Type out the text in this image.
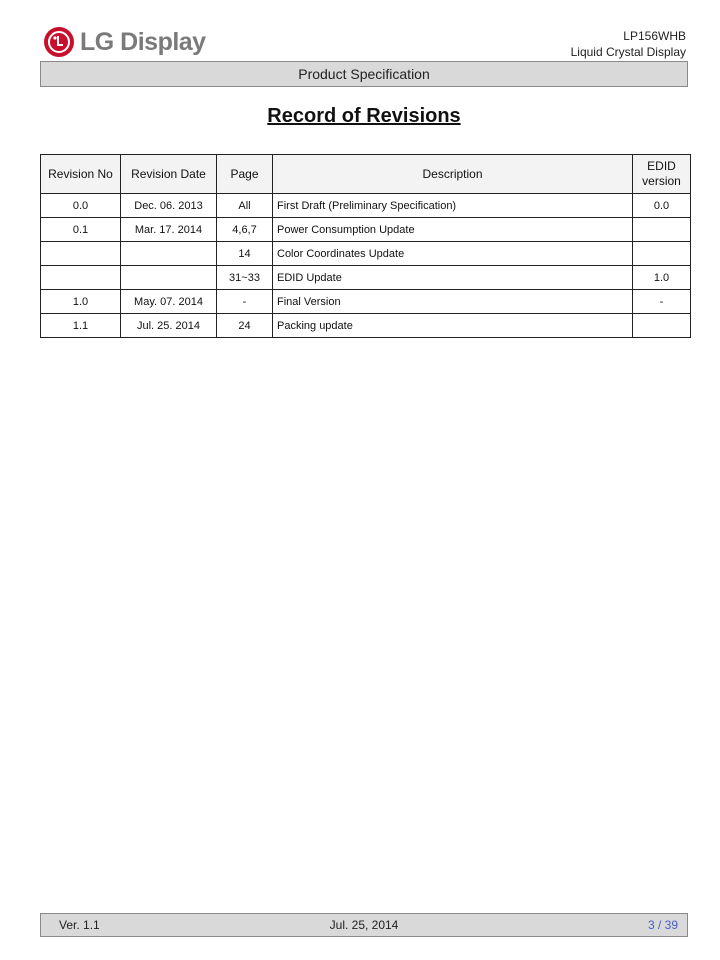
LG Display	LP156WHB
Liquid Crystal Display
Product Specification
Record of Revisions
Revision No	Revision Date	Page	Description	EDID version
0.0	Dec. 06. 2013	All	First Draft (Preliminary Specification)	0.0
0.1	Mar. 17. 2014	4,6,7	Power Consumption Update	
		14	Color Coordinates Update	
		31~33	EDID Update	1.0
1.0	May. 07. 2014	-	Final Version	-
1.1	Jul. 25. 2014	24	Packing update	
Jul. 25, 2014
Ver. 1.1	3 / 39
